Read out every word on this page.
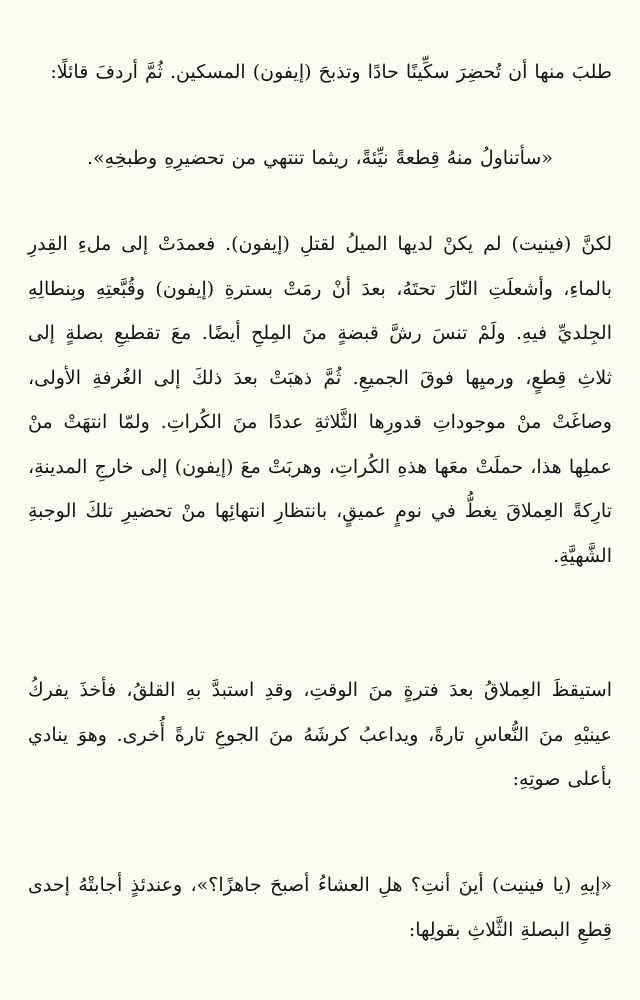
طلبَ منها أن تُحضِرَ سكِّينًا حادًا وتذبحَ (إيفون) المسكين. ثُمَّ أردفَ قائلًا:

«سأتناولُ منهُ قِطعةً نيِّئةً، ريثما تنتهي من تحضيرِهِ وطبخِهِ».

لكنَّ (فينيت) لم يكنْ لديها الميلُ لقتلِ (إيفون). فعمدَتْ إلى ملءِ القِدرِ بالماءِ، وأشعلَتِ النّارَ تحتَهُ، بعدَ أنْ رمَتْ بسترةِ (إيفون) وقُبَّعتِهِ وبِنطالِهِ الجِلديِّ فيهِ. ولَمْ تنسَ رشَّ قبضةٍ منَ المِلحِ أيضًا. معَ تقطيعِ بصلةٍ إلى ثلاثِ قِطعٍ، ورميِها فوقَ الجميعِ. ثُمَّ ذهبَتْ بعدَ ذلكَ إلى الغُرفةِ الأولى، وصاغَتْ منْ موجوداتِ قدورِها الثَّلاثةِ عددًا منَ الكُراتِ. ولمّا انتهَتْ منْ عملِها هذا، حملَتْ معَها هذهِ الكُراتِ، وهربَتْ معَ (إيفون) إلى خارجِ المدينةِ، تارِكةً العِملاقَ يغطُّ في نومٍ عميقٍ، بانتظارِ انتهائِها منْ تحضيرِ تلكَ الوجبةِ الشَّهيَّةِ.

استيقظَ العِملاقُ بعدَ فترةٍ منَ الوقتِ، وقدِ استبدَّ بهِ القلقُ، فأخذَ يفركُ عينيْهِ منَ النُّعاسِ تارةً، ويداعبُ كرشَهُ منَ الجوعِ تارةً أُخرى. وهوَ ينادي بأعلى صوتِهِ:

«إيهِ (يا فينيت) أينَ أنتِ؟ هلِ العشاءُ أصبحَ جاهزًا؟»، وعندئذٍ أجابتْهُ إحدى قِطعِ البصلةِ الثَّلاثِ بقولِها:
